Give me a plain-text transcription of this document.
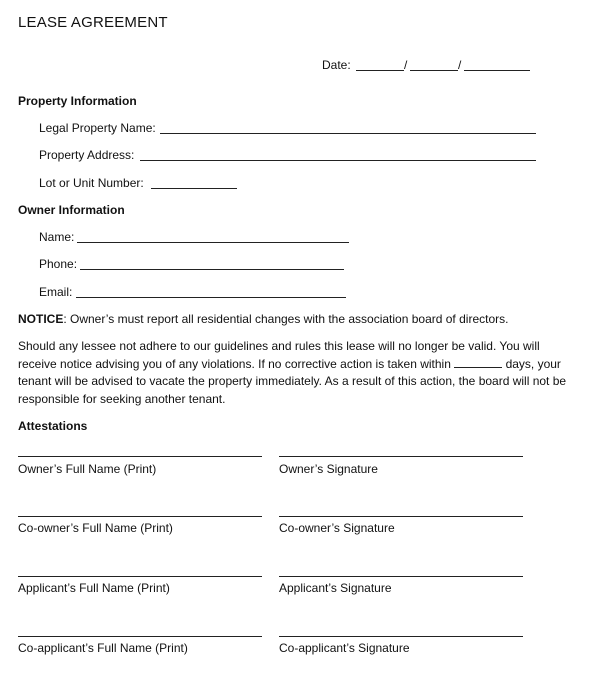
LEASE AGREEMENT
Date:	/	/
Property Information
Legal Property Name:
Property Address:
Lot or Unit Number:
Owner Information
Name:
Phone:
Email:
NOTICE: Owner’s must report all residential changes with the association board of directors.
Should any lessee not adhere to our guidelines and rules this lease will no longer be valid. You will receive notice advising you of any violations. If no corrective action is taken within	days, your tenant will be advised to vacate the property immediately. As a result of this action, the board will not be responsible for seeking another tenant.
Attestations
Owner’s Full Name (Print)	Owner’s Signature
Co-owner’s Full Name (Print)	Co-owner’s Signature
Applicant’s Full Name (Print)	Applicant’s Signature
Co-applicant’s Full Name (Print)	Co-applicant’s Signature
